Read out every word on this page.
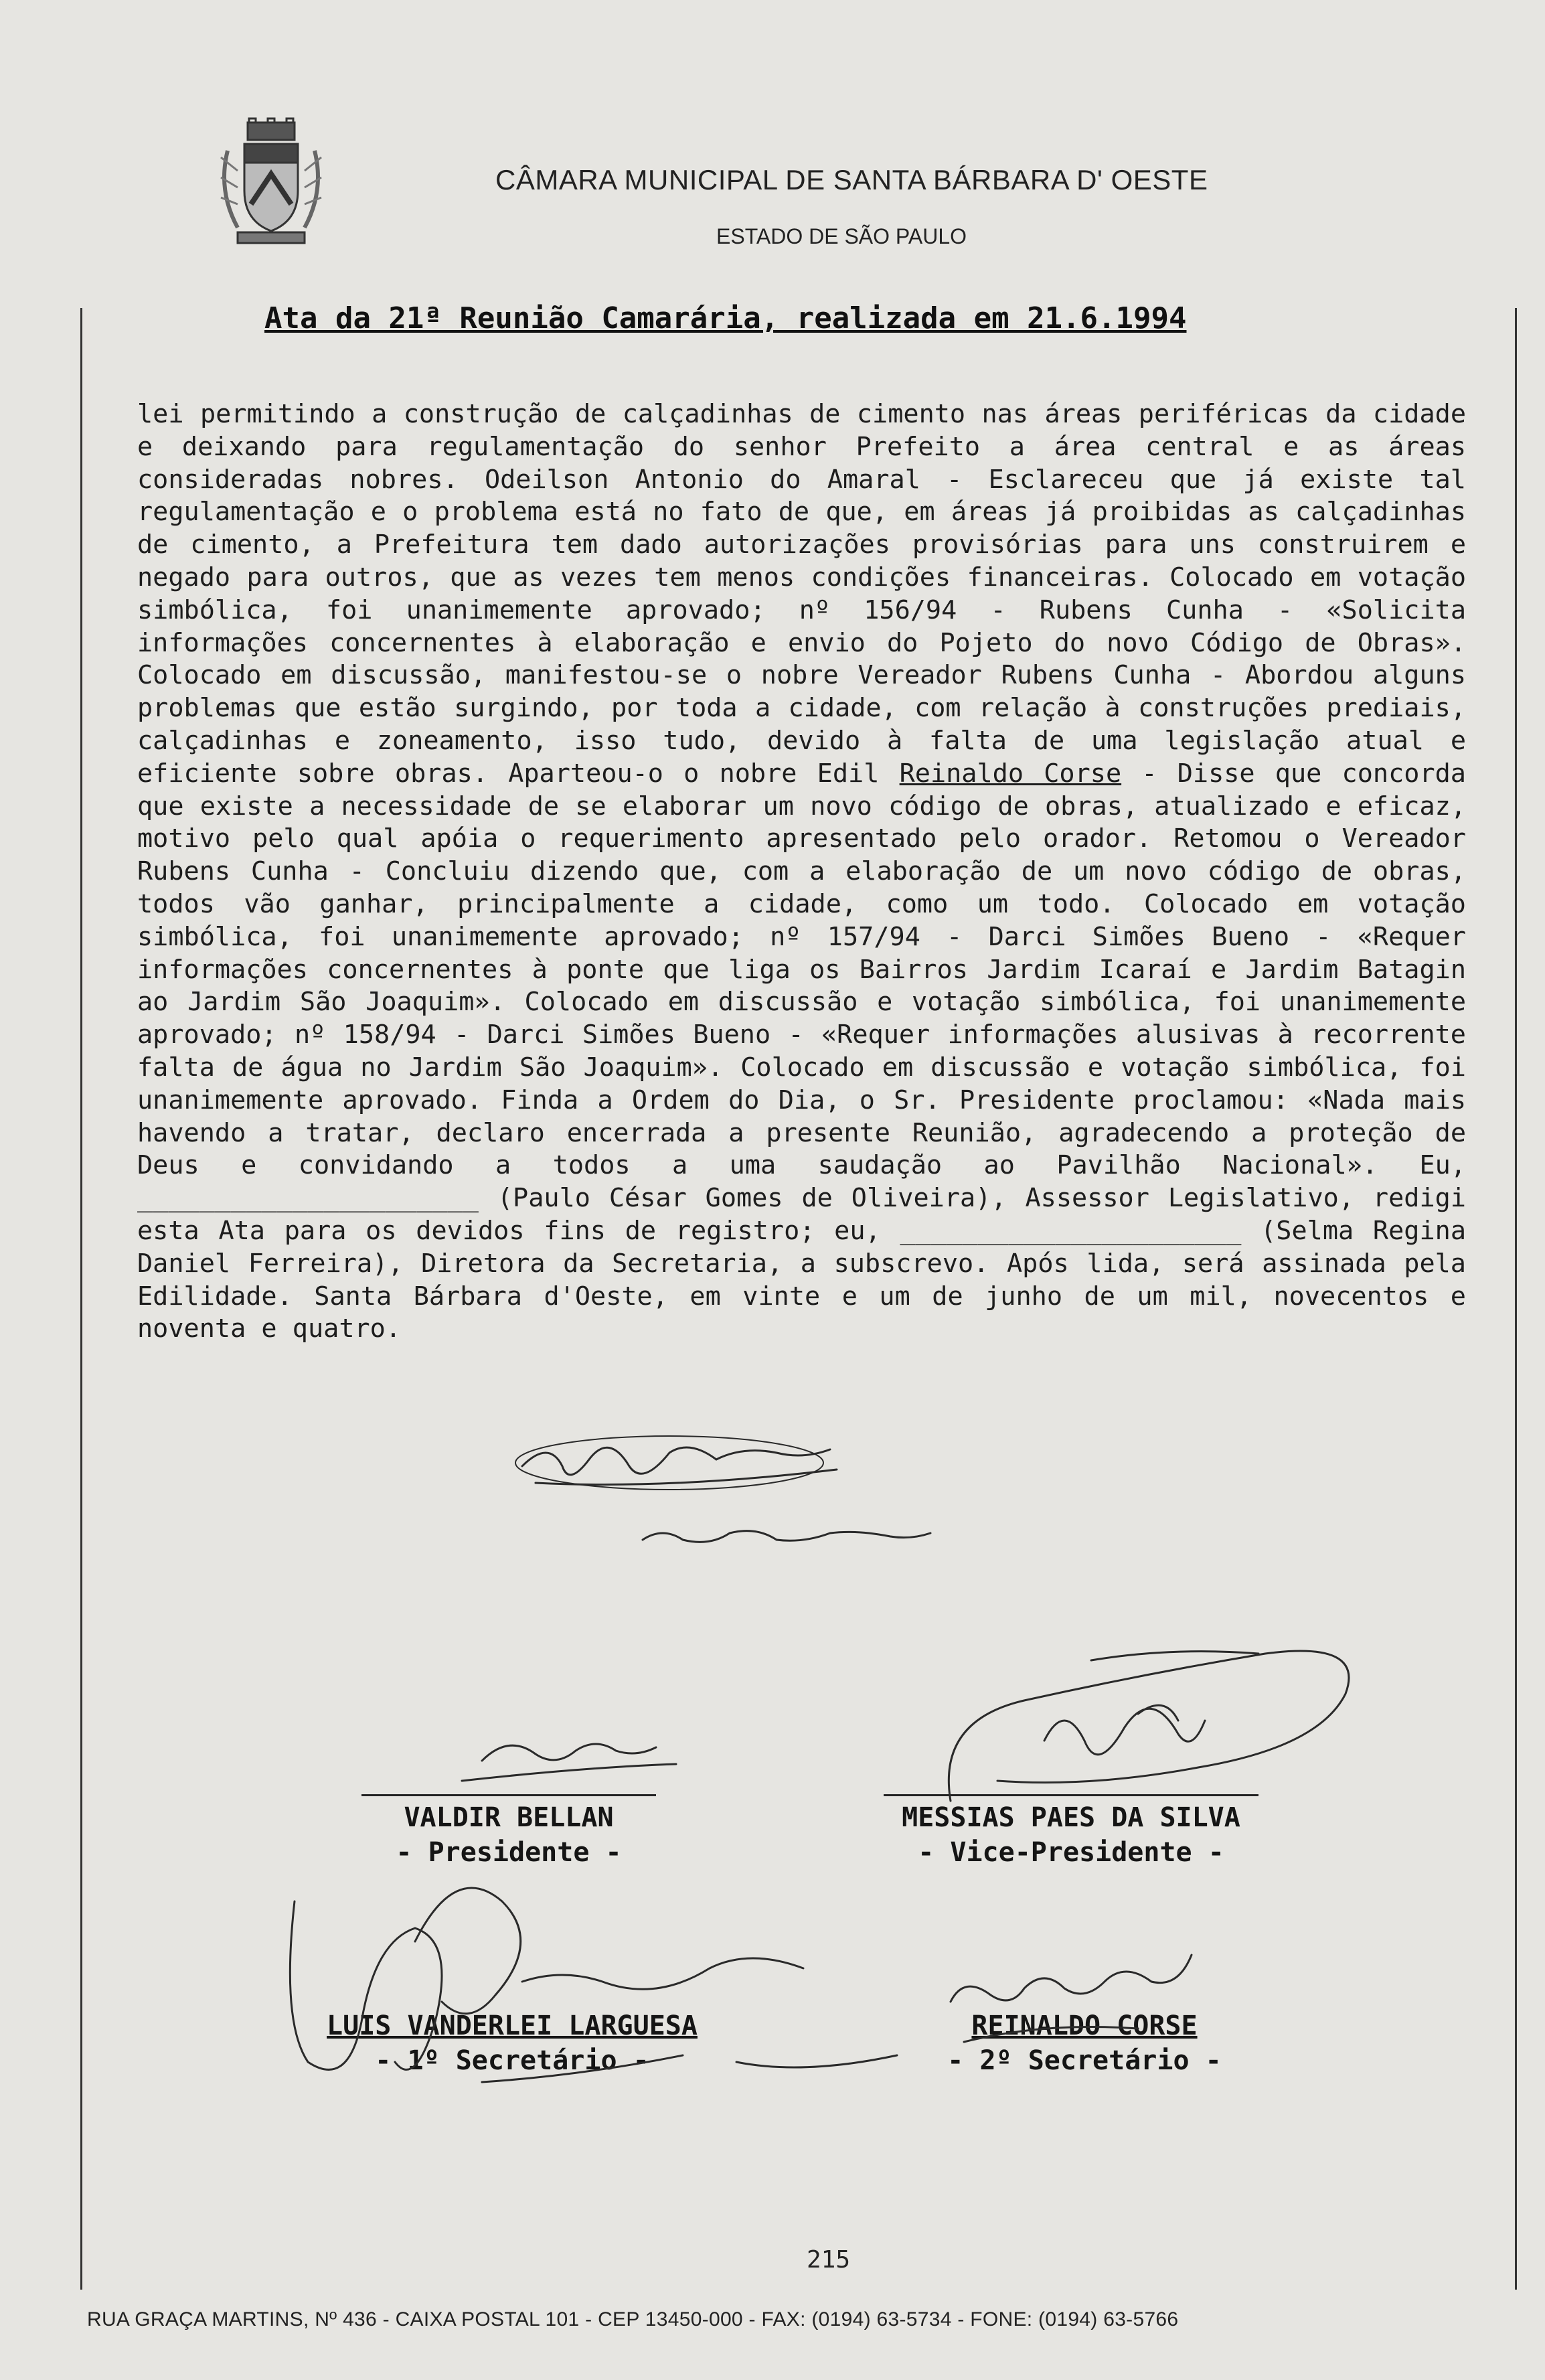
CÂMARA MUNICIPAL DE SANTA BÁRBARA D' OESTE
ESTADO DE SÃO PAULO
Ata da 21ª Reunião Camarária, realizada em 21.6.1994
lei permitindo a construção de calçadinhas de cimento nas áreas periféricas da cidade e deixando para regulamentação do senhor Prefeito a área central e as áreas consideradas nobres. Odeilson Antonio do Amaral - Esclareceu que já existe tal regulamentação e o problema está no fato de que, em áreas já proibidas as calçadinhas de cimento, a Prefeitura tem dado autorizações provisórias para uns construirem e negado para outros, que as vezes tem menos condições financeiras. Colocado em votação simbólica, foi unanimemente aprovado; nº 156/94 - Rubens Cunha - «Solicita informações concernentes à elaboração e envio do Pojeto do novo Código de Obras». Colocado em discussão, manifestou-se o nobre Vereador Rubens Cunha - Abordou alguns problemas que estão surgindo, por toda a cidade, com relação à construções prediais, calçadinhas e zoneamento, isso tudo, devido à falta de uma legislação atual e eficiente sobre obras. Aparteou-o o nobre Edil Reinaldo Corse - Disse que concorda que existe a necessidade de se elaborar um novo código de obras, atualizado e eficaz, motivo pelo qual apóia o requerimento apresentado pelo orador. Retomou o Vereador Rubens Cunha - Concluiu dizendo que, com a elaboração de um novo código de obras, todos vão ganhar, principalmente a cidade, como um todo. Colocado em votação simbólica, foi unanimemente aprovado; nº 157/94 - Darci Simões Bueno - «Requer informações concernentes à ponte que liga os Bairros Jardim Icaraí e Jardim Batagin ao Jardim São Joaquim». Colocado em discussão e votação simbólica, foi unanimemente aprovado; nº 158/94 - Darci Simões Bueno - «Requer informações alusivas à recorrente falta de água no Jardim São Joaquim». Colocado em discussão e votação simbólica, foi unanimemente aprovado. Finda a Ordem do Dia, o Sr. Presidente proclamou: «Nada mais havendo a tratar, declaro encerrada a presente Reunião, agradecendo a proteção de Deus e convidando a todos a uma saudação ao Pavilhão Nacional». Eu, ______________________ (Paulo César Gomes de Oliveira), Assessor Legislativo, redigi esta Ata para os devidos fins de registro; eu, ______________________ (Selma Regina Daniel Ferreira), Diretora da Secretaria, a subscrevo. Após lida, será assinada pela Edilidade. Santa Bárbara d'Oeste, em vinte e um de junho de um mil, novecentos e noventa e quatro.
VALDIR BELLAN
- Presidente -
MESSIAS PAES DA SILVA
- Vice-Presidente -
LUIS VANDERLEI LARGUESA
- 1º Secretário -
REINALDO CORSE
- 2º Secretário -
215
RUA GRAÇA MARTINS, Nº 436 - CAIXA POSTAL 101 - CEP 13450-000 - FAX: (0194) 63-5734 - FONE: (0194) 63-5766
